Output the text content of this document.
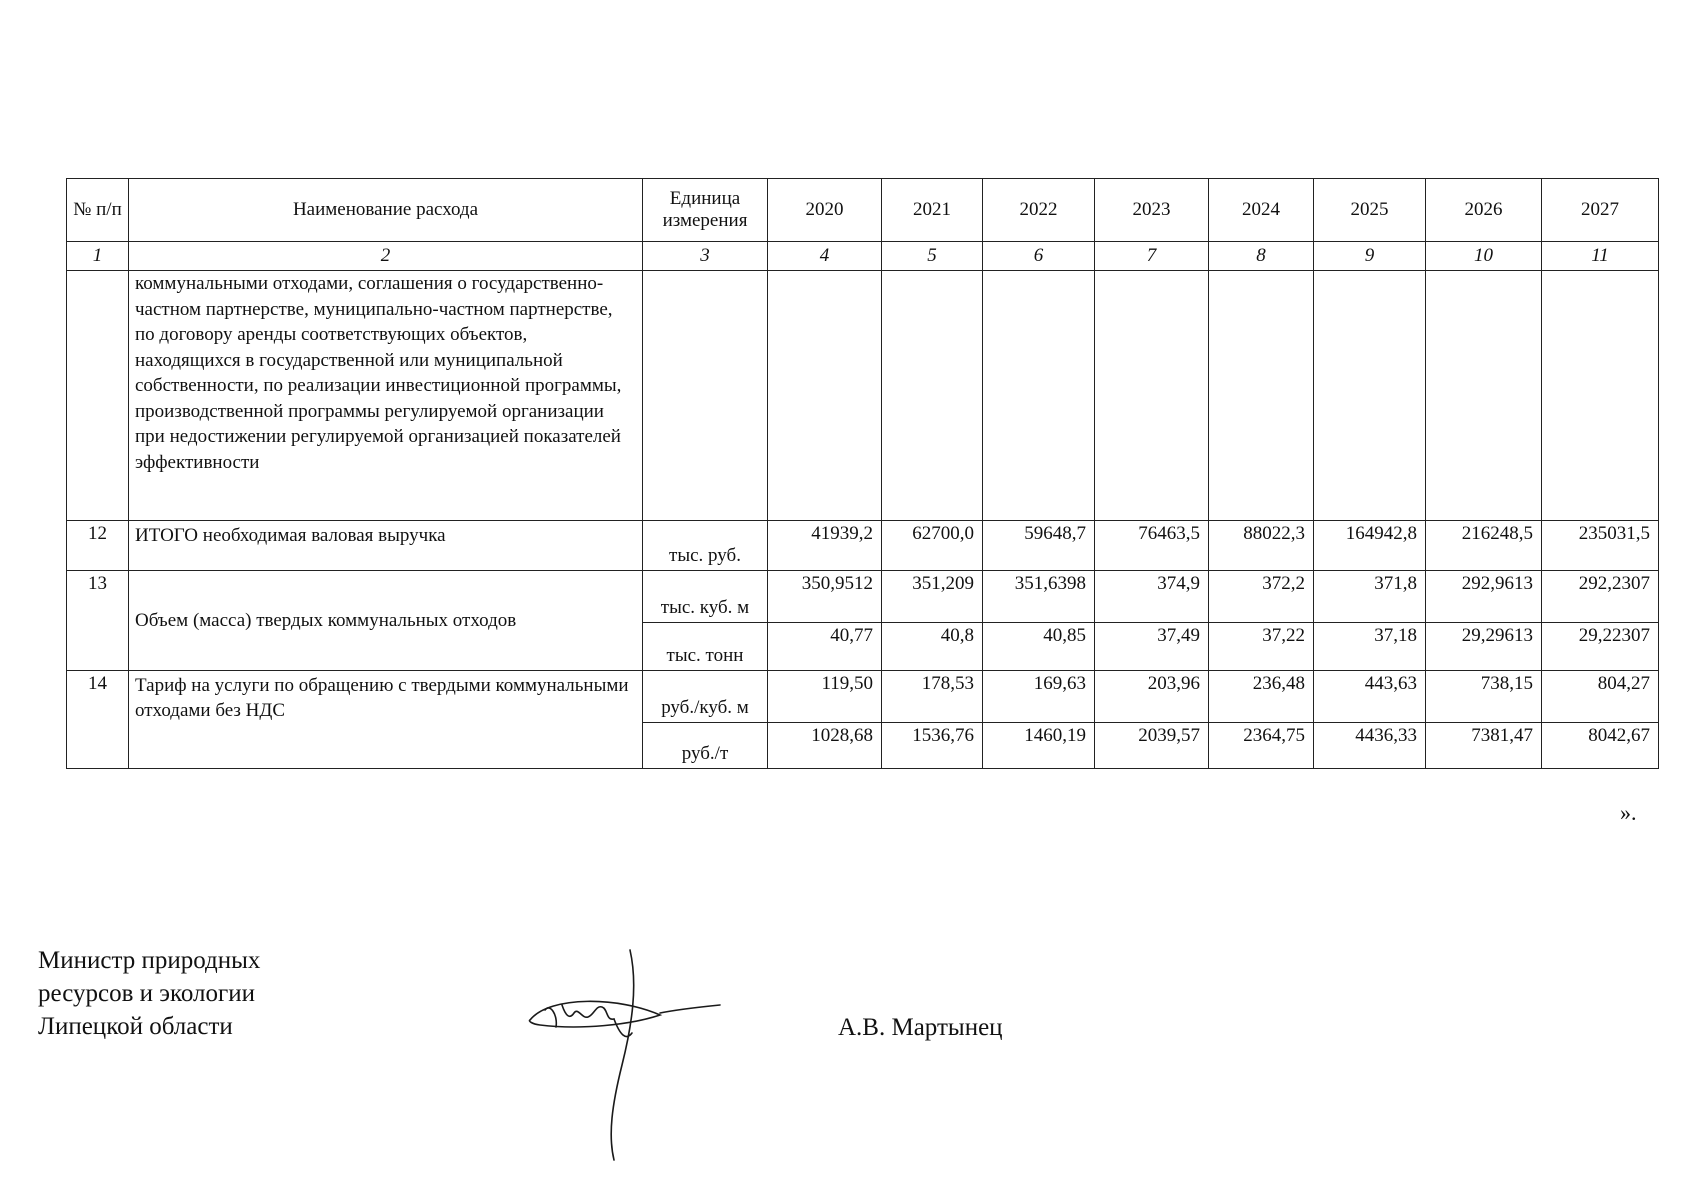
№ п/п	Наименование расхода	Единица измерения	2020	2021	2022	2023	2024	2025	2026	2027
1	2	3	4	5	6	7	8	9	10	11
	коммунальными отходами, соглашения о государственно-частном партнерстве, муниципально-частном партнерстве, по договору аренды соответствующих объектов, находящихся в государственной или муниципальной собственности, по реализации инвестиционной программы, производственной программы регулируемой организации при недостижении регулируемой организацией показателей эффективности									
12	ИТОГО необходимая валовая выручка	тыс. руб.	41939,2	62700,0	59648,7	76463,5	88022,3	164942,8	216248,5	235031,5
13	Объем (масса) твердых коммунальных отходов	тыс. куб. м	350,9512	351,209	351,6398	374,9	372,2	371,8	292,9613	292,2307
		тыс. тонн	40,77	40,8	40,85	37,49	37,22	37,18	29,29613	29,22307
14	Тариф на услуги по обращению с твердыми коммунальными отходами без НДС	руб./куб. м	119,50	178,53	169,63	203,96	236,48	443,63	738,15	804,27
		руб./т	1028,68	1536,76	1460,19	2039,57	2364,75	4436,33	7381,47	8042,67
».
Министр природных
ресурсов и экологии
Липецкой области	А.В. Мартынец
